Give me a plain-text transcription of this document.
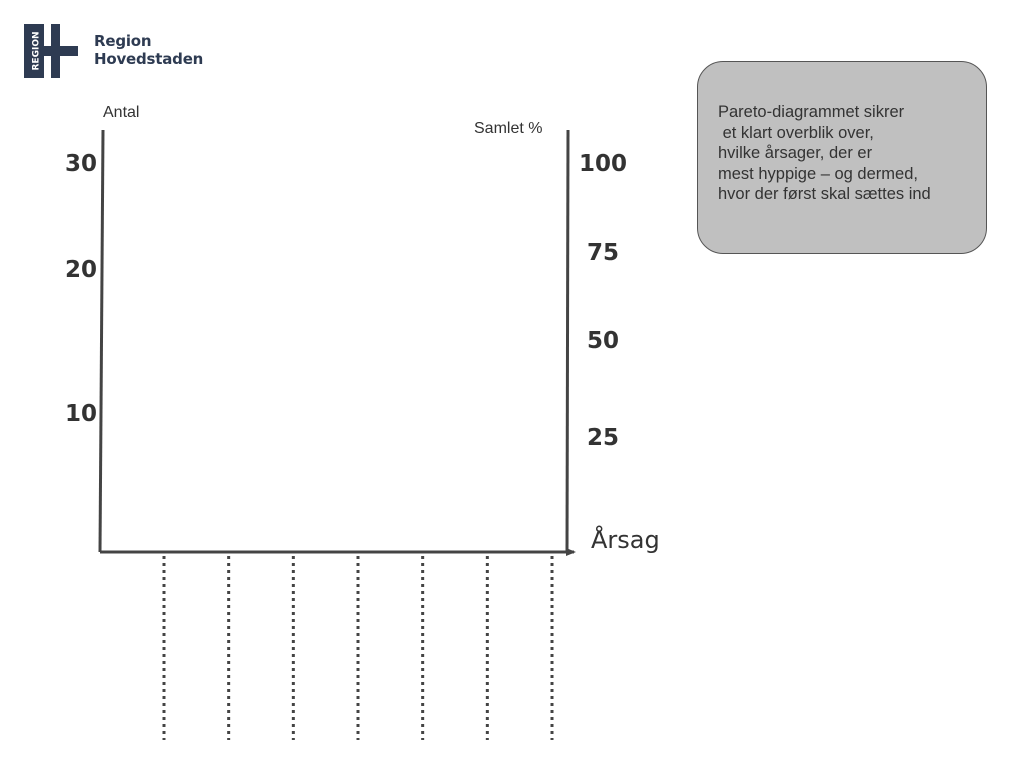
REGION	Region
Hovedstaden
Antal
Samlet %
30
20
10
100
75
50
25
Årsag
Pareto-diagrammet sikrer
et klart overblik over,
hvilke årsager, der er
mest hyppige – og dermed,
hvor der først skal sættes ind
